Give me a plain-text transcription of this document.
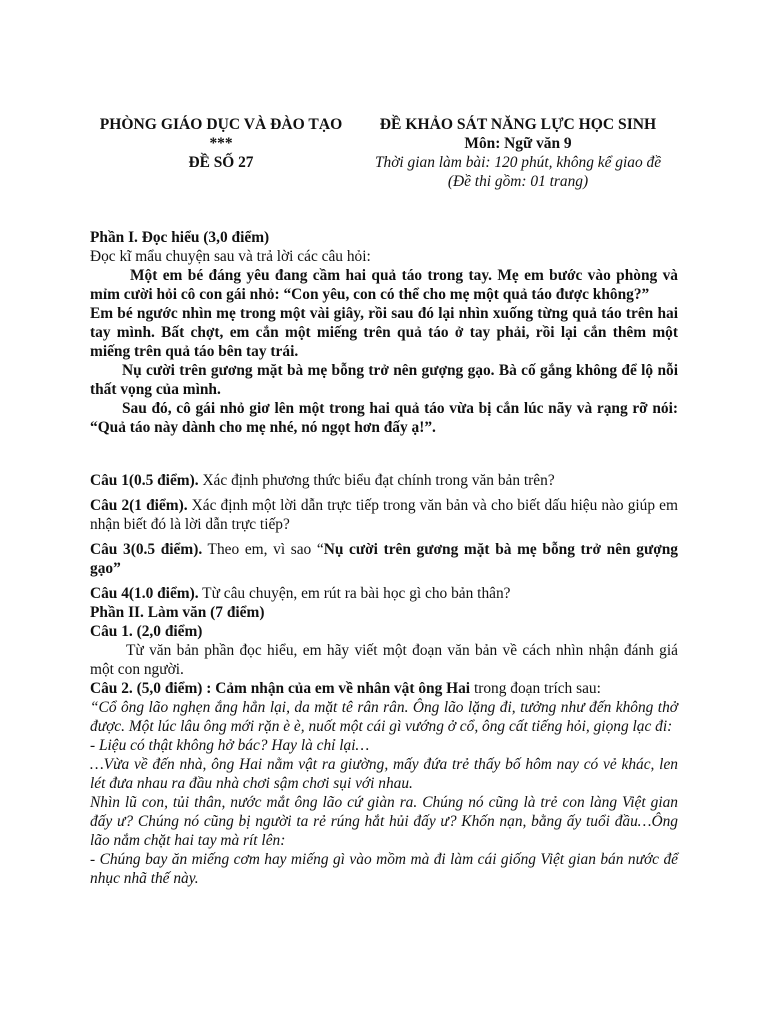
PHÒNG GIÁO DỤC VÀ ĐÀO TẠO
***
ĐỀ SỐ 27
ĐỀ KHẢO SÁT NĂNG LỰC HỌC SINH
Môn: Ngữ văn 9
Thời gian làm bài: 120 phút, không kể giao đề
(Đề thi gồm: 01 trang)

Phần I. Đọc hiểu (3,0 điểm)

Đọc kĩ mẩu chuyện sau và trả lời các câu hỏi:

Một em bé đáng yêu đang cầm hai quả táo trong tay. Mẹ em bước vào phòng và mỉm cười hỏi cô con gái nhỏ: “Con yêu, con có thể cho mẹ một quả táo được không?”

Em bé ngước nhìn mẹ trong một vài giây, rồi sau đó lại nhìn xuống từng quả táo trên hai tay mình. Bất chợt, em cắn một miếng trên quả táo ở tay phải, rồi lại cắn thêm một miếng trên quả táo bên tay trái.

Nụ cười trên gương mặt bà mẹ bỗng trở nên gượng gạo. Bà cố gắng không để lộ nỗi thất vọng của mình.

Sau đó, cô gái nhỏ giơ lên một trong hai quả táo vừa bị cắn lúc nãy và rạng rỡ nói: “Quả táo này dành cho mẹ nhé, nó ngọt hơn đấy ạ!”.

Câu 1(0.5 điểm). Xác định phương thức biểu đạt chính trong văn bản trên?

Câu 2(1 điểm). Xác định một lời dẫn trực tiếp trong văn bản và cho biết dấu hiệu nào giúp em nhận biết đó là lời dẫn trực tiếp?

Câu 3(0.5 điểm). Theo em, vì sao “Nụ cười trên gương mặt bà mẹ bỗng trở nên gượng gạo”

Câu 4(1.0 điểm). Từ câu chuyện, em rút ra bài học gì cho bản thân?

Phần II. Làm văn (7 điểm)

Câu 1. (2,0 điểm)

Từ văn bản phần đọc hiểu, em hãy viết một đoạn văn bản về cách nhìn nhận đánh giá một con người.

Câu 2. (5,0 điểm) : Cảm nhận của em về nhân vật ông Hai trong đoạn trích sau:

“Cổ ông lão nghẹn ắng hẳn lại, da mặt tê rân rân. Ông lão lặng đi, tưởng như đến không thở được. Một lúc lâu ông mới rặn è è, nuốt một cái gì vướng ở cổ, ông cất tiếng hỏi, giọng lạc đi:

- Liệu có thật không hở bác? Hay là chỉ lại…

…Vừa về đến nhà, ông Hai nằm vật ra giường, mấy đứa trẻ thấy bố hôm nay có vẻ khác, len lét đưa nhau ra đầu nhà chơi sậm chơi sụi với nhau.

Nhìn lũ con, tủi thân, nước mắt ông lão cứ giàn ra. Chúng nó cũng là trẻ con làng Việt gian đấy ư? Chúng nó cũng bị người ta rẻ rúng hắt hủi đấy ư? Khốn nạn, bằng ấy tuổi đầu…Ông lão nắm chặt hai tay mà rít lên:

- Chúng bay ăn miếng cơm hay miếng gì vào mồm mà đi làm cái giống Việt gian bán nước để nhục nhã thế này.
